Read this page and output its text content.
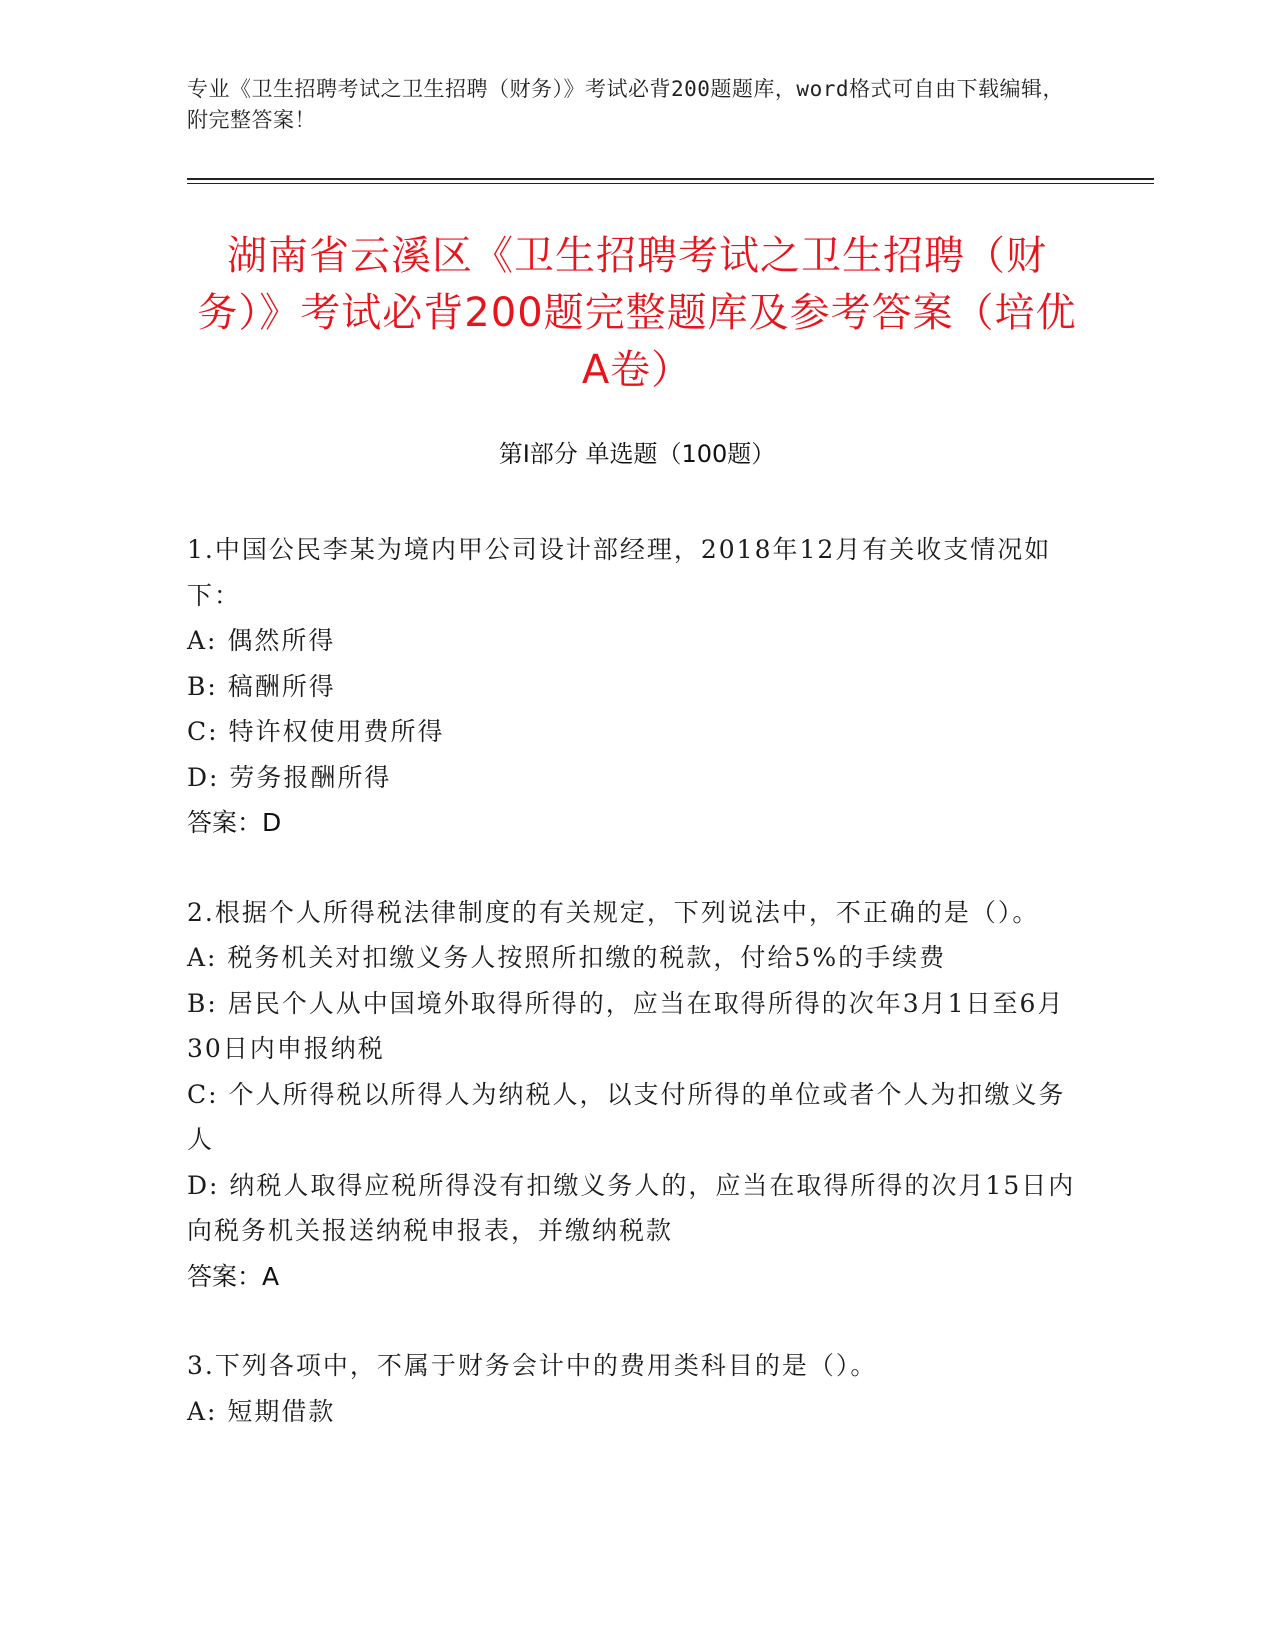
专业《卫生招聘考试之卫生招聘（财务）》考试必背200题题库，word格式可自由下载编辑，附完整答案！
湖南省云溪区《卫生招聘考试之卫生招聘（财务）》考试必背200题完整题库及参考答案（培优A卷）
第I部分 单选题（100题）
1.中国公民李某为境内甲公司设计部经理，2018年12月有关收支情况如下：
A: 偶然所得
B: 稿酬所得
C: 特许权使用费所得
D: 劳务报酬所得
答案：D
2.根据个人所得税法律制度的有关规定，下列说法中，不正确的是（）。
A: 税务机关对扣缴义务人按照所扣缴的税款，付给5%的手续费
B: 居民个人从中国境外取得所得的，应当在取得所得的次年3月1日至6月30日内申报纳税
C: 个人所得税以所得人为纳税人，以支付所得的单位或者个人为扣缴义务人
D: 纳税人取得应税所得没有扣缴义务人的，应当在取得所得的次月15日内向税务机关报送纳税申报表，并缴纳税款
答案：A
3.下列各项中，不属于财务会计中的费用类科目的是（）。
A: 短期借款
